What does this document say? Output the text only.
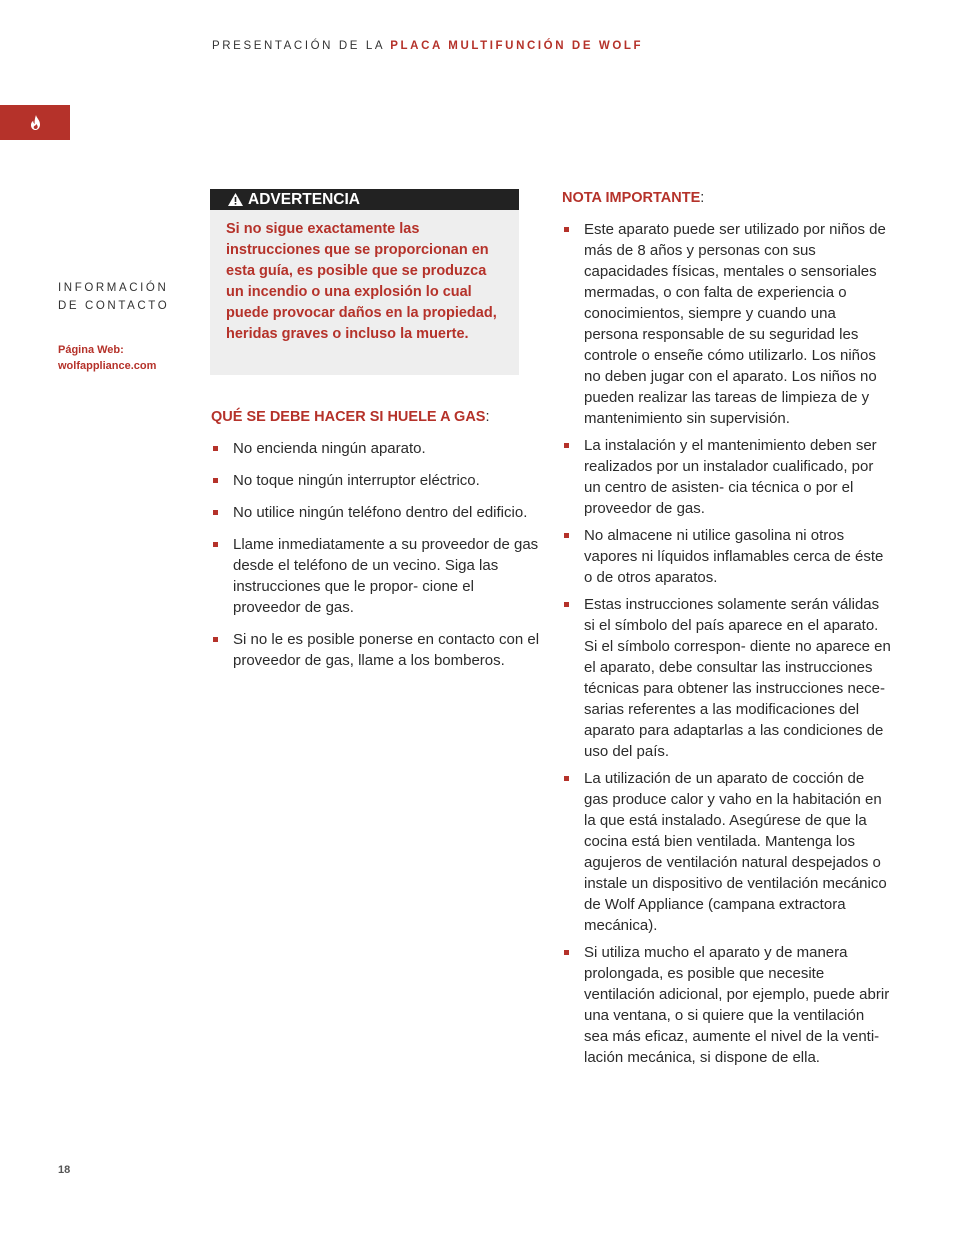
PRESENTACIÓN DE LA PLACA MULTIFUNCIÓN DE WOLF
INFORMACIÓN
DE CONTACTO
Página Web:
wolfappliance.com
ADVERTENCIA
Si no sigue exactamente las instrucciones que se proporcionan en esta guía, es posible que se produzca un incendio o una explosión lo cual puede provocar daños en la propiedad, heridas graves o incluso la muerte.
QUÉ SE DEBE HACER SI HUELE A GAS:
No encienda ningún aparato.
No toque ningún interruptor eléctrico.
No utilice ningún teléfono dentro del edificio.
Llame inmediatamente a su proveedor de gas desde el teléfono de un vecino. Siga las instrucciones que le propor- cione el proveedor de gas.
Si no le es posible ponerse en contacto con el proveedor de gas, llame a los bomberos.
NOTA IMPORTANTE:
Este aparato puede ser utilizado por niños de más de 8 años y personas con sus capacidades físicas, mentales o sensoriales mermadas, o con falta de experiencia o conocimientos, siempre y cuando una persona responsable de su seguridad les controle o enseñe cómo utilizarlo. Los niños no deben jugar con el aparato. Los niños no pueden realizar las tareas de limpieza de y mantenimiento sin supervisión.
La instalación y el mantenimiento deben ser realizados por un instalador cualificado, por un centro de asisten- cia técnica o por el proveedor de gas.
No almacene ni utilice gasolina ni otros vapores ni líquidos inflamables cerca de éste o de otros aparatos.
Estas instrucciones solamente serán válidas si el símbolo del país aparece en el aparato. Si el símbolo correspon- diente no aparece en el aparato, debe consultar las instrucciones técnicas para obtener las instrucciones nece- sarias referentes a las modificaciones del aparato para adaptarlas a las condiciones de uso del país.
La utilización de un aparato de cocción de gas produce calor y vaho en la habitación en la que está instalado. Asegúrese de que la cocina está bien ventilada. Mantenga los agujeros de ventilación natural despejados o instale un dispositivo de ventilación mecánico de Wolf Appliance (campana extractora mecánica).
Si utiliza mucho el aparato y de manera prolongada, es posible que necesite ventilación adicional, por ejemplo, puede abrir una ventana, o si quiere que la ventilación sea más eficaz, aumente el nivel de la venti- lación mecánica, si dispone de ella.
18
